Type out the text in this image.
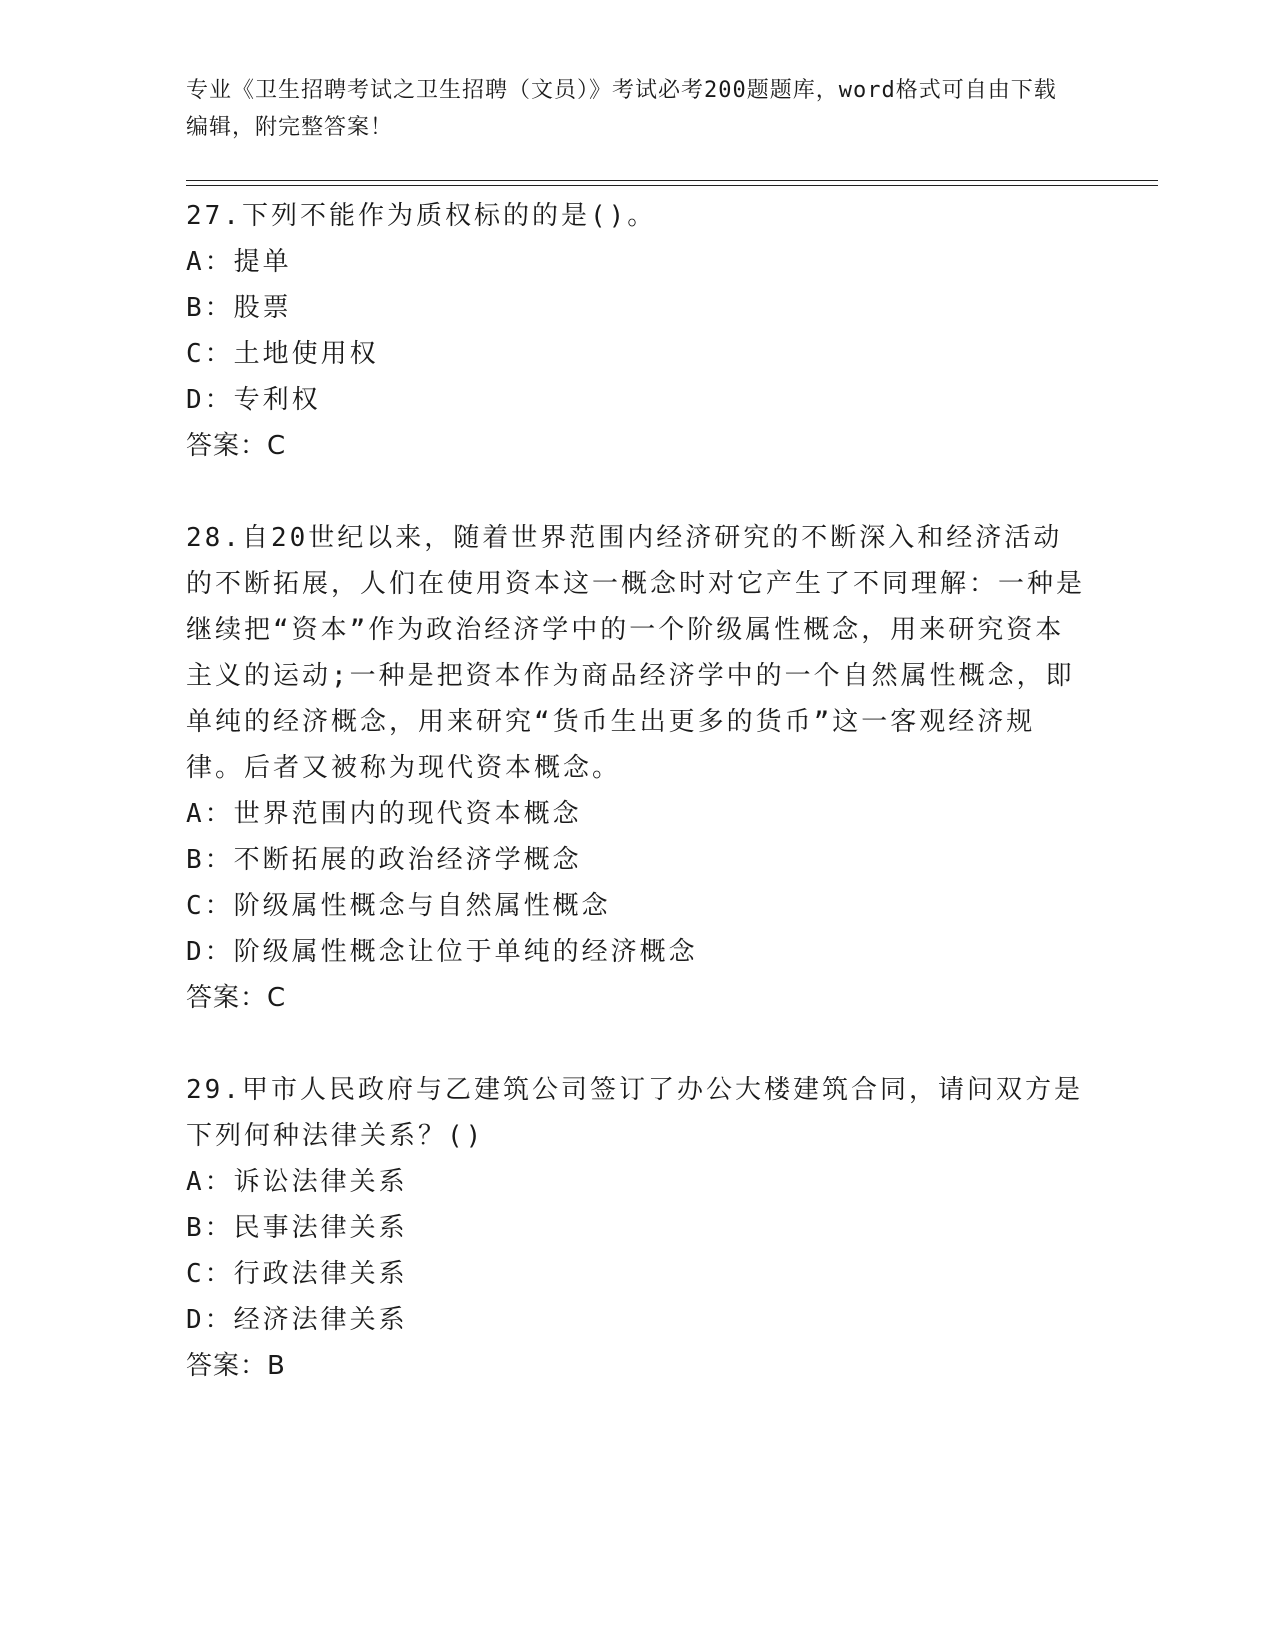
专业《卫生招聘考试之卫生招聘（文员）》考试必考200题题库，word格式可自由下载编辑，附完整答案！

27.下列不能作为质权标的的是()。

A：提单

B：股票

C：土地使用权

D：专利权

答案：C

28.自20世纪以来，随着世界范围内经济研究的不断深入和经济活动的不断拓展，人们在使用资本这一概念时对它产生了不同理解：一种是继续把“资本”作为政治经济学中的一个阶级属性概念，用来研究资本主义的运动;一种是把资本作为商品经济学中的一个自然属性概念，即单纯的经济概念，用来研究“货币生出更多的货币”这一客观经济规律。后者又被称为现代资本概念。

A：世界范围内的现代资本概念

B：不断拓展的政治经济学概念

C：阶级属性概念与自然属性概念

D：阶级属性概念让位于单纯的经济概念

答案：C

29.甲市人民政府与乙建筑公司签订了办公大楼建筑合同，请问双方是下列何种法律关系？()

A：诉讼法律关系

B：民事法律关系

C：行政法律关系

D：经济法律关系

答案：B
